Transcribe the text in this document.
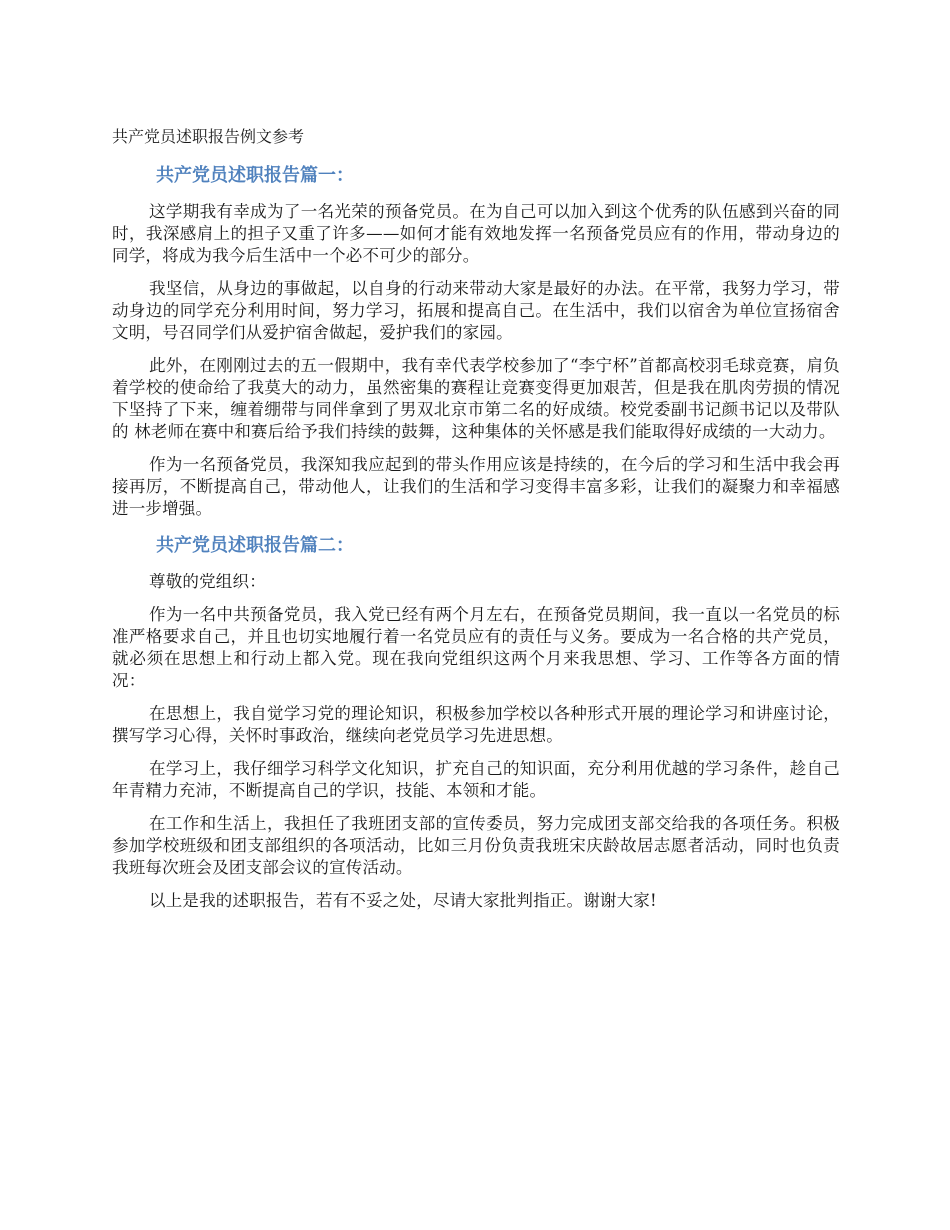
共产党员述职报告例文参考
共产党员述职报告篇一：

这学期我有幸成为了一名光荣的预备党员。在为自己可以加入到这个优秀的队伍感到兴奋的同时，我深感肩上的担子又重了许多——如何才能有效地发挥一名预备党员应有的作用，带动身边的同学，将成为我今后生活中一个必不可少的部分。

我坚信，从身边的事做起，以自身的行动来带动大家是最好的办法。在平常，我努力学习，带动身边的同学充分利用时间，努力学习，拓展和提高自己。在生活中，我们以宿舍为单位宣扬宿舍文明，号召同学们从爱护宿舍做起，爱护我们的家园。

此外，在刚刚过去的五一假期中，我有幸代表学校参加了“李宁杯”首都高校羽毛球竞赛，肩负着学校的使命给了我莫大的动力，虽然密集的赛程让竞赛变得更加艰苦，但是我在肌肉劳损的情况下坚持了下来，缠着绷带与同伴拿到了男双北京市第二名的好成绩。校党委副书记颜书记以及带队的 林老师在赛中和赛后给予我们持续的鼓舞，这种集体的关怀感是我们能取得好成绩的一大动力。

作为一名预备党员，我深知我应起到的带头作用应该是持续的，在今后的学习和生活中我会再接再厉，不断提高自己，带动他人，让我们的生活和学习变得丰富多彩，让我们的凝聚力和幸福感进一步增强。

共产党员述职报告篇二：

尊敬的党组织：

作为一名中共预备党员，我入党已经有两个月左右，在预备党员期间，我一直以一名党员的标准严格要求自己，并且也切实地履行着一名党员应有的责任与义务。要成为一名合格的共产党员，就必须在思想上和行动上都入党。现在我向党组织这两个月来我思想、学习、工作等各方面的情况：

在思想上，我自觉学习党的理论知识，积极参加学校以各种形式开展的理论学习和讲座讨论，撰写学习心得，关怀时事政治，继续向老党员学习先进思想。

在学习上，我仔细学习科学文化知识，扩充自己的知识面，充分利用优越的学习条件，趁自己年青精力充沛，不断提高自己的学识，技能、本领和才能。

在工作和生活上，我担任了我班团支部的宣传委员，努力完成团支部交给我的各项任务。积极参加学校班级和团支部组织的各项活动，比如三月份负责我班宋庆龄故居志愿者活动，同时也负责我班每次班会及团支部会议的宣传活动。

以上是我的述职报告，若有不妥之处，尽请大家批判指正。谢谢大家!
